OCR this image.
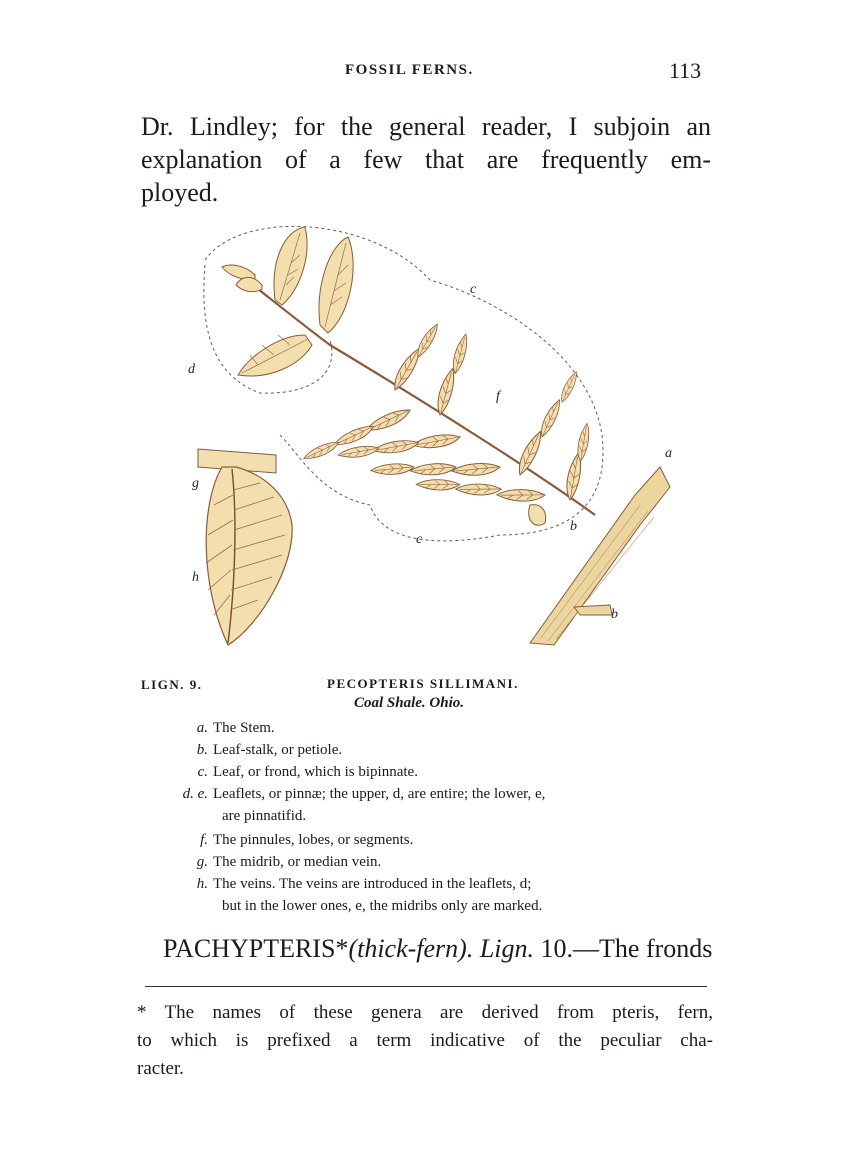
FOSSIL FERNS.	113
Dr. Lindley; for the general reader, I subjoin an
explanation of a few that are frequently em-
ployed.
c
d
f
a
g
b
c
h
b
LIGN. 9.	PECOPTERIS SILLIMANI.
Coal Shale. Ohio.
a. The Stem.
b. Leaf-stalk, or petiole.
c. Leaf, or frond, which is bipinnate.
d. e. Leaflets, or pinnæ; the upper, d, are entire; the lower, e,
are pinnatifid.
f. The pinnules, lobes, or segments.
g. The midrib, or median vein.
h. The veins. The veins are introduced in the leaflets, d;
but in the lower ones, e, the midribs only are marked.
PACHYPTERIS*(thick-fern). Lign. 10.—The fronds
* The names of these genera are derived from pteris, fern,
to which is prefixed a term indicative of the peculiar cha-
racter.
